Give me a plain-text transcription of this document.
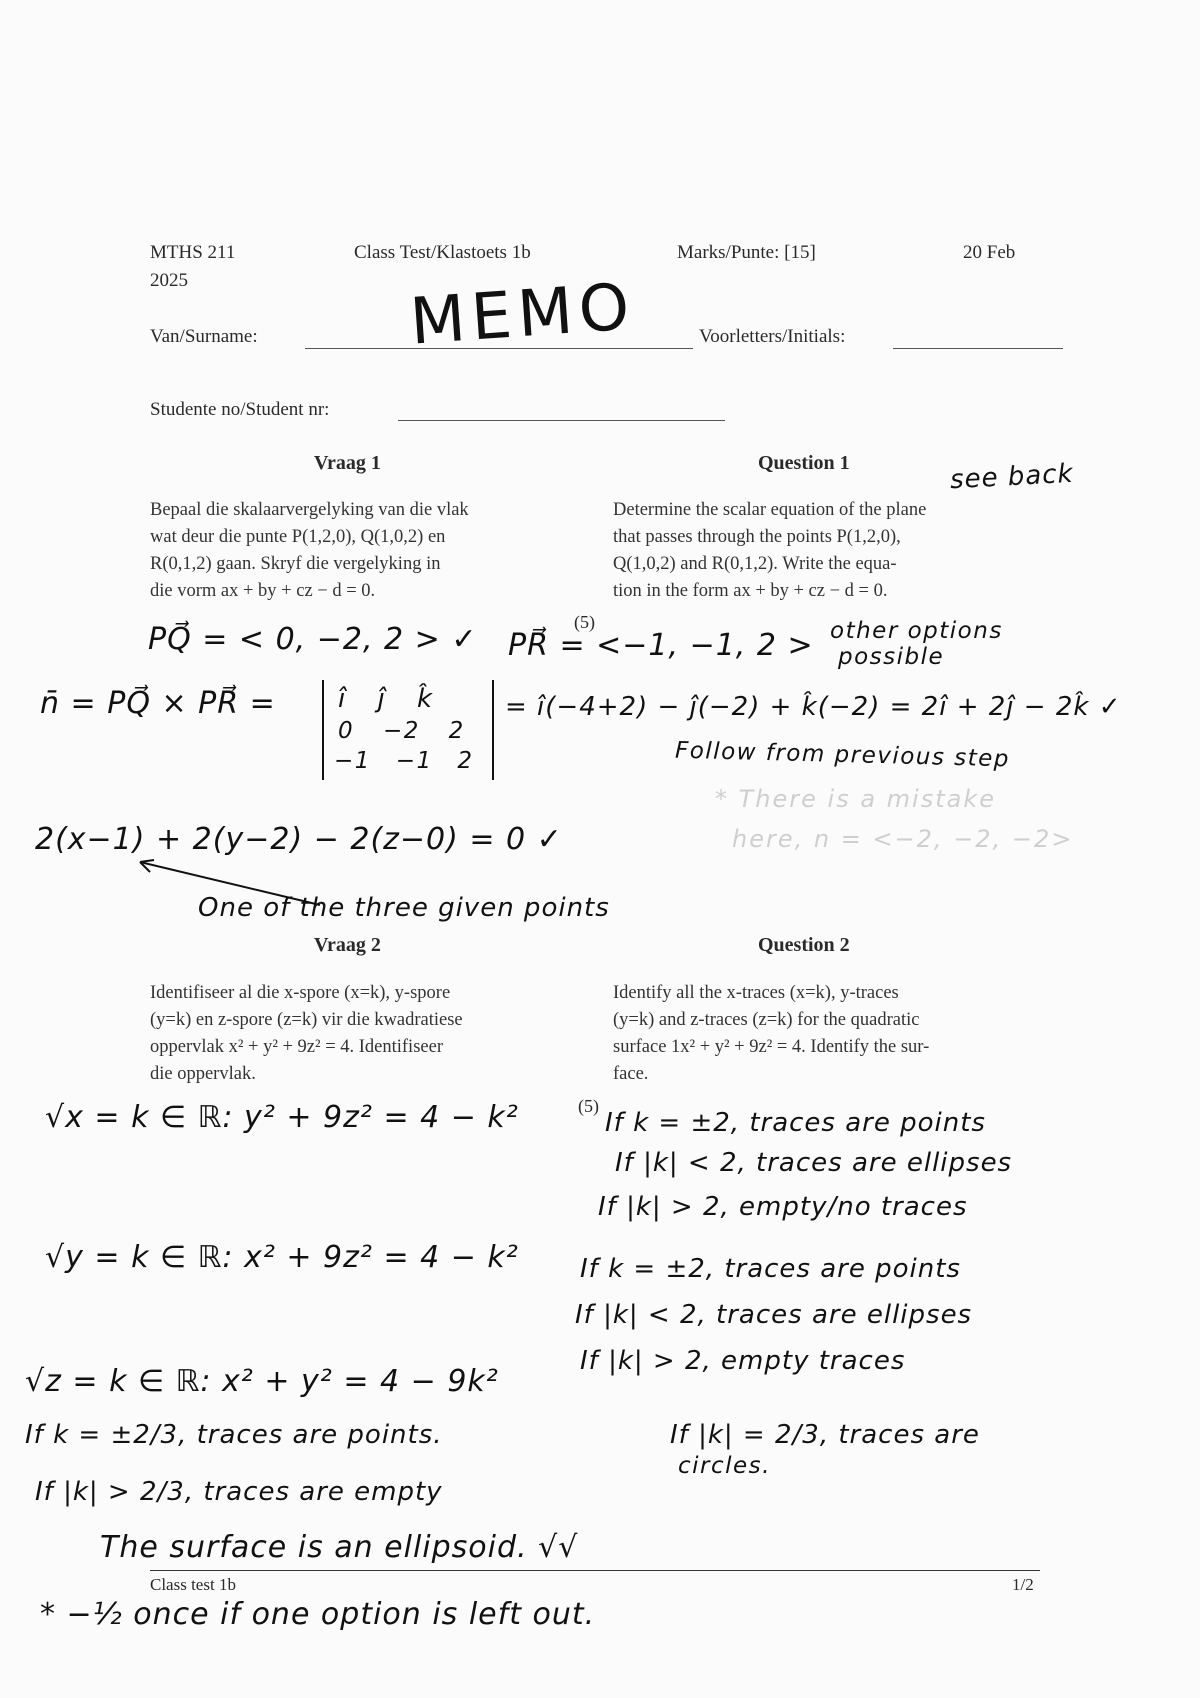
MTHS 211
2025
Class Test/Klastoets 1b	Marks/Punte: [15]	20 Feb
Van/Surname: MEMO	Voorletters/Initials:
Studente no/Student nr:
Vraag 1	Question 1	see back
Bepaal die skalaarvergelyking van die vlak
wat deur die punte P(1,2,0), Q(1,0,2) en
R(0,1,2) gaan. Skryf die vergelyking in
die vorm ax + by + cz − d = 0.
Determine the scalar equation of the plane
that passes through the points P(1,2,0),
Q(1,0,2) and R(0,1,2). Write the equa-
tion in the form ax + by + cz − d = 0.
(5)
PQ⃗ = < 0, −2, 2 > ✓ PR⃗ = <−1, −1, 2 > other options
possible
n̄ = PQ⃗ × PR⃗ = î ĵ k̂
0 −2 2
−1 −1 2
= î(−4+2) − ĵ(−2) + k̂(−2) = 2î + 2ĵ − 2k̂ ✓
Follow from previous step
* There is a mistake
here, n = <−2, −2, −2>
2(x−1) + 2(y−2) − 2(z−0) = 0 ✓
One of the three given points
Vraag 2	Question 2
Identifiseer al die x-spore (x=k), y-spore
(y=k) en z-spore (z=k) vir die kwadratiese
oppervlak x² + y² + 9z² = 4. Identifiseer
die oppervlak.
Identify all the x-traces (x=k), y-traces
(y=k) and z-traces (z=k) for the quadratic
surface 1x² + y² + 9z² = 4. Identify the sur-
face.
√x = k ∈ ℝ: y² + 9z² = 4 − k²	(5)
If k = ±2, traces are points
If |k| < 2, traces are ellipses
If |k| > 2, empty/no traces
√y = k ∈ ℝ: x² + 9z² = 4 − k² If k = ±2, traces are points
If |k| < 2, traces are ellipses
If |k| > 2, empty traces
√z = k ∈ ℝ: x² + y² = 4 − 9k²
If k = ±2/3, traces are points.	If |k| = 2/3, traces are
circles.
If |k| > 2/3, traces are empty
The surface is an ellipsoid. √√
Class test 1b	1/2
* −½ once if one option is left out.
